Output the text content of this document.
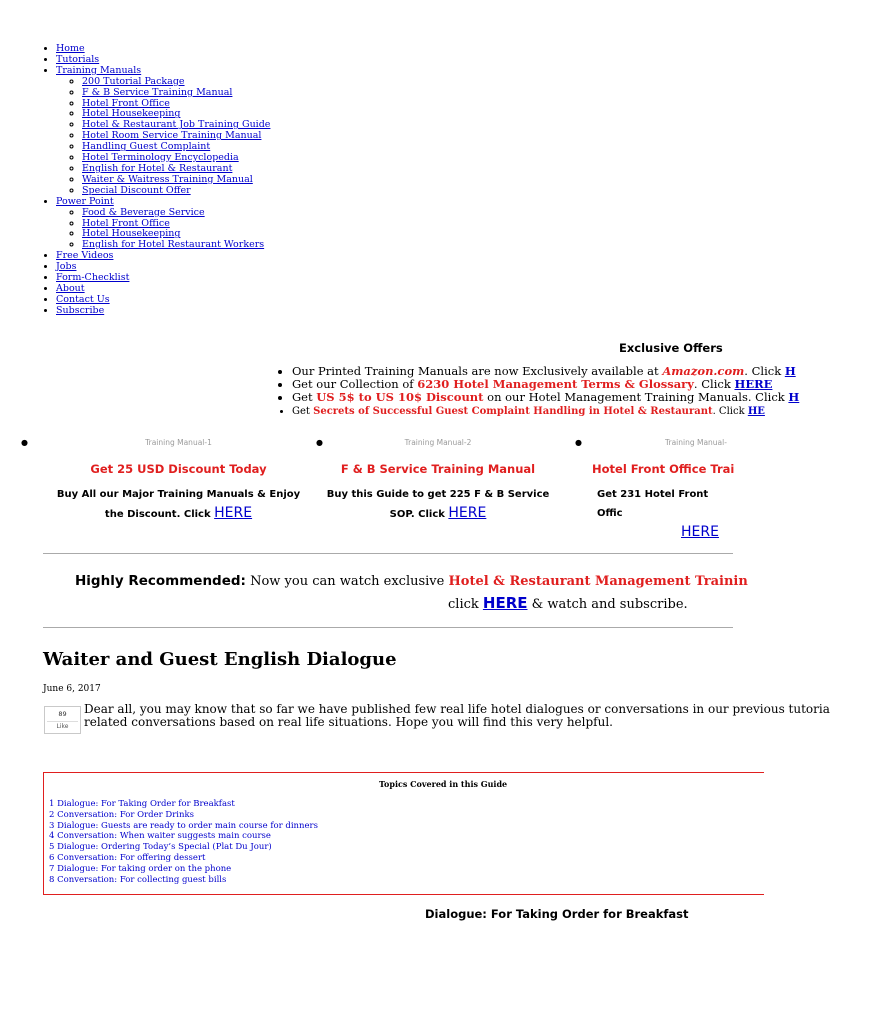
• Home
• Tutorials
• Training Manuals
◦ 200 Tutorial Package
◦ F & B Service Training Manual
◦ Hotel Front Office
◦ Hotel Housekeeping
◦ Hotel & Restaurant Job Training Guide
◦ Hotel Room Service Training Manual
◦ Handling Guest Complaint
◦ Hotel Terminology Encyclopedia
◦ English for Hotel & Restaurant
◦ Waiter & Waitress Training Manual
◦ Special Discount Offer
• Power Point
◦ Food & Beverage Service
◦ Hotel Front Office
◦ Hotel Housekeeping
◦ English for Hotel Restaurant Workers
• Free Videos
• Jobs
• Form-Checklist
• About
• Contact Us
• Subscribe
Exclusive Offers
• Our Printed Training Manuals are now Exclusively available at Amazon.com. Click H
• Get our Collection of 6230 Hotel Management Terms & Glossary. Click HERE
• Get US 5$ to US 10$ Discount on our Hotel Management Training Manuals. Click H
• Get Secrets of Successful Guest Complaint Handling in Hotel & Restaurant. Click HE
●	Training Manual-1
Get 25 USD Discount Today
Buy All our Major Training Manuals & Enjoy the Discount. Click HERE
●	Training Manual-2
F & B Service Training Manual
Buy this Guide to get 225 F & B Service SOP. Click HERE
●	Training Manual-
Hotel Front Office Trai
Get 231 Hotel Front Offic
HERE
Highly Recommended: Now you can watch exclusive Hotel & Restaurant Management Trainin
click HERE & watch and subscribe.
Waiter and Guest English Dialogue
June 6, 2017
89
Like

Dear all, you may know that so far we have published few real life hotel dialogues or conversations in our previous tutoria

related conversations based on real life situations. Hope you will find this very helpful.

Topics Covered in this Guide
1 Dialogue: For Taking Order for Breakfast
2 Conversation: For Order Drinks
3 Dialogue: Guests are ready to order main course for dinners
4 Conversation: When waiter suggests main course
5 Dialogue: Ordering Today’s Special (Plat Du Jour)
6 Conversation: For offering dessert
7 Dialogue: For taking order on the phone
8 Conversation: For collecting guest bills
Dialogue: For Taking Order for Breakfast
